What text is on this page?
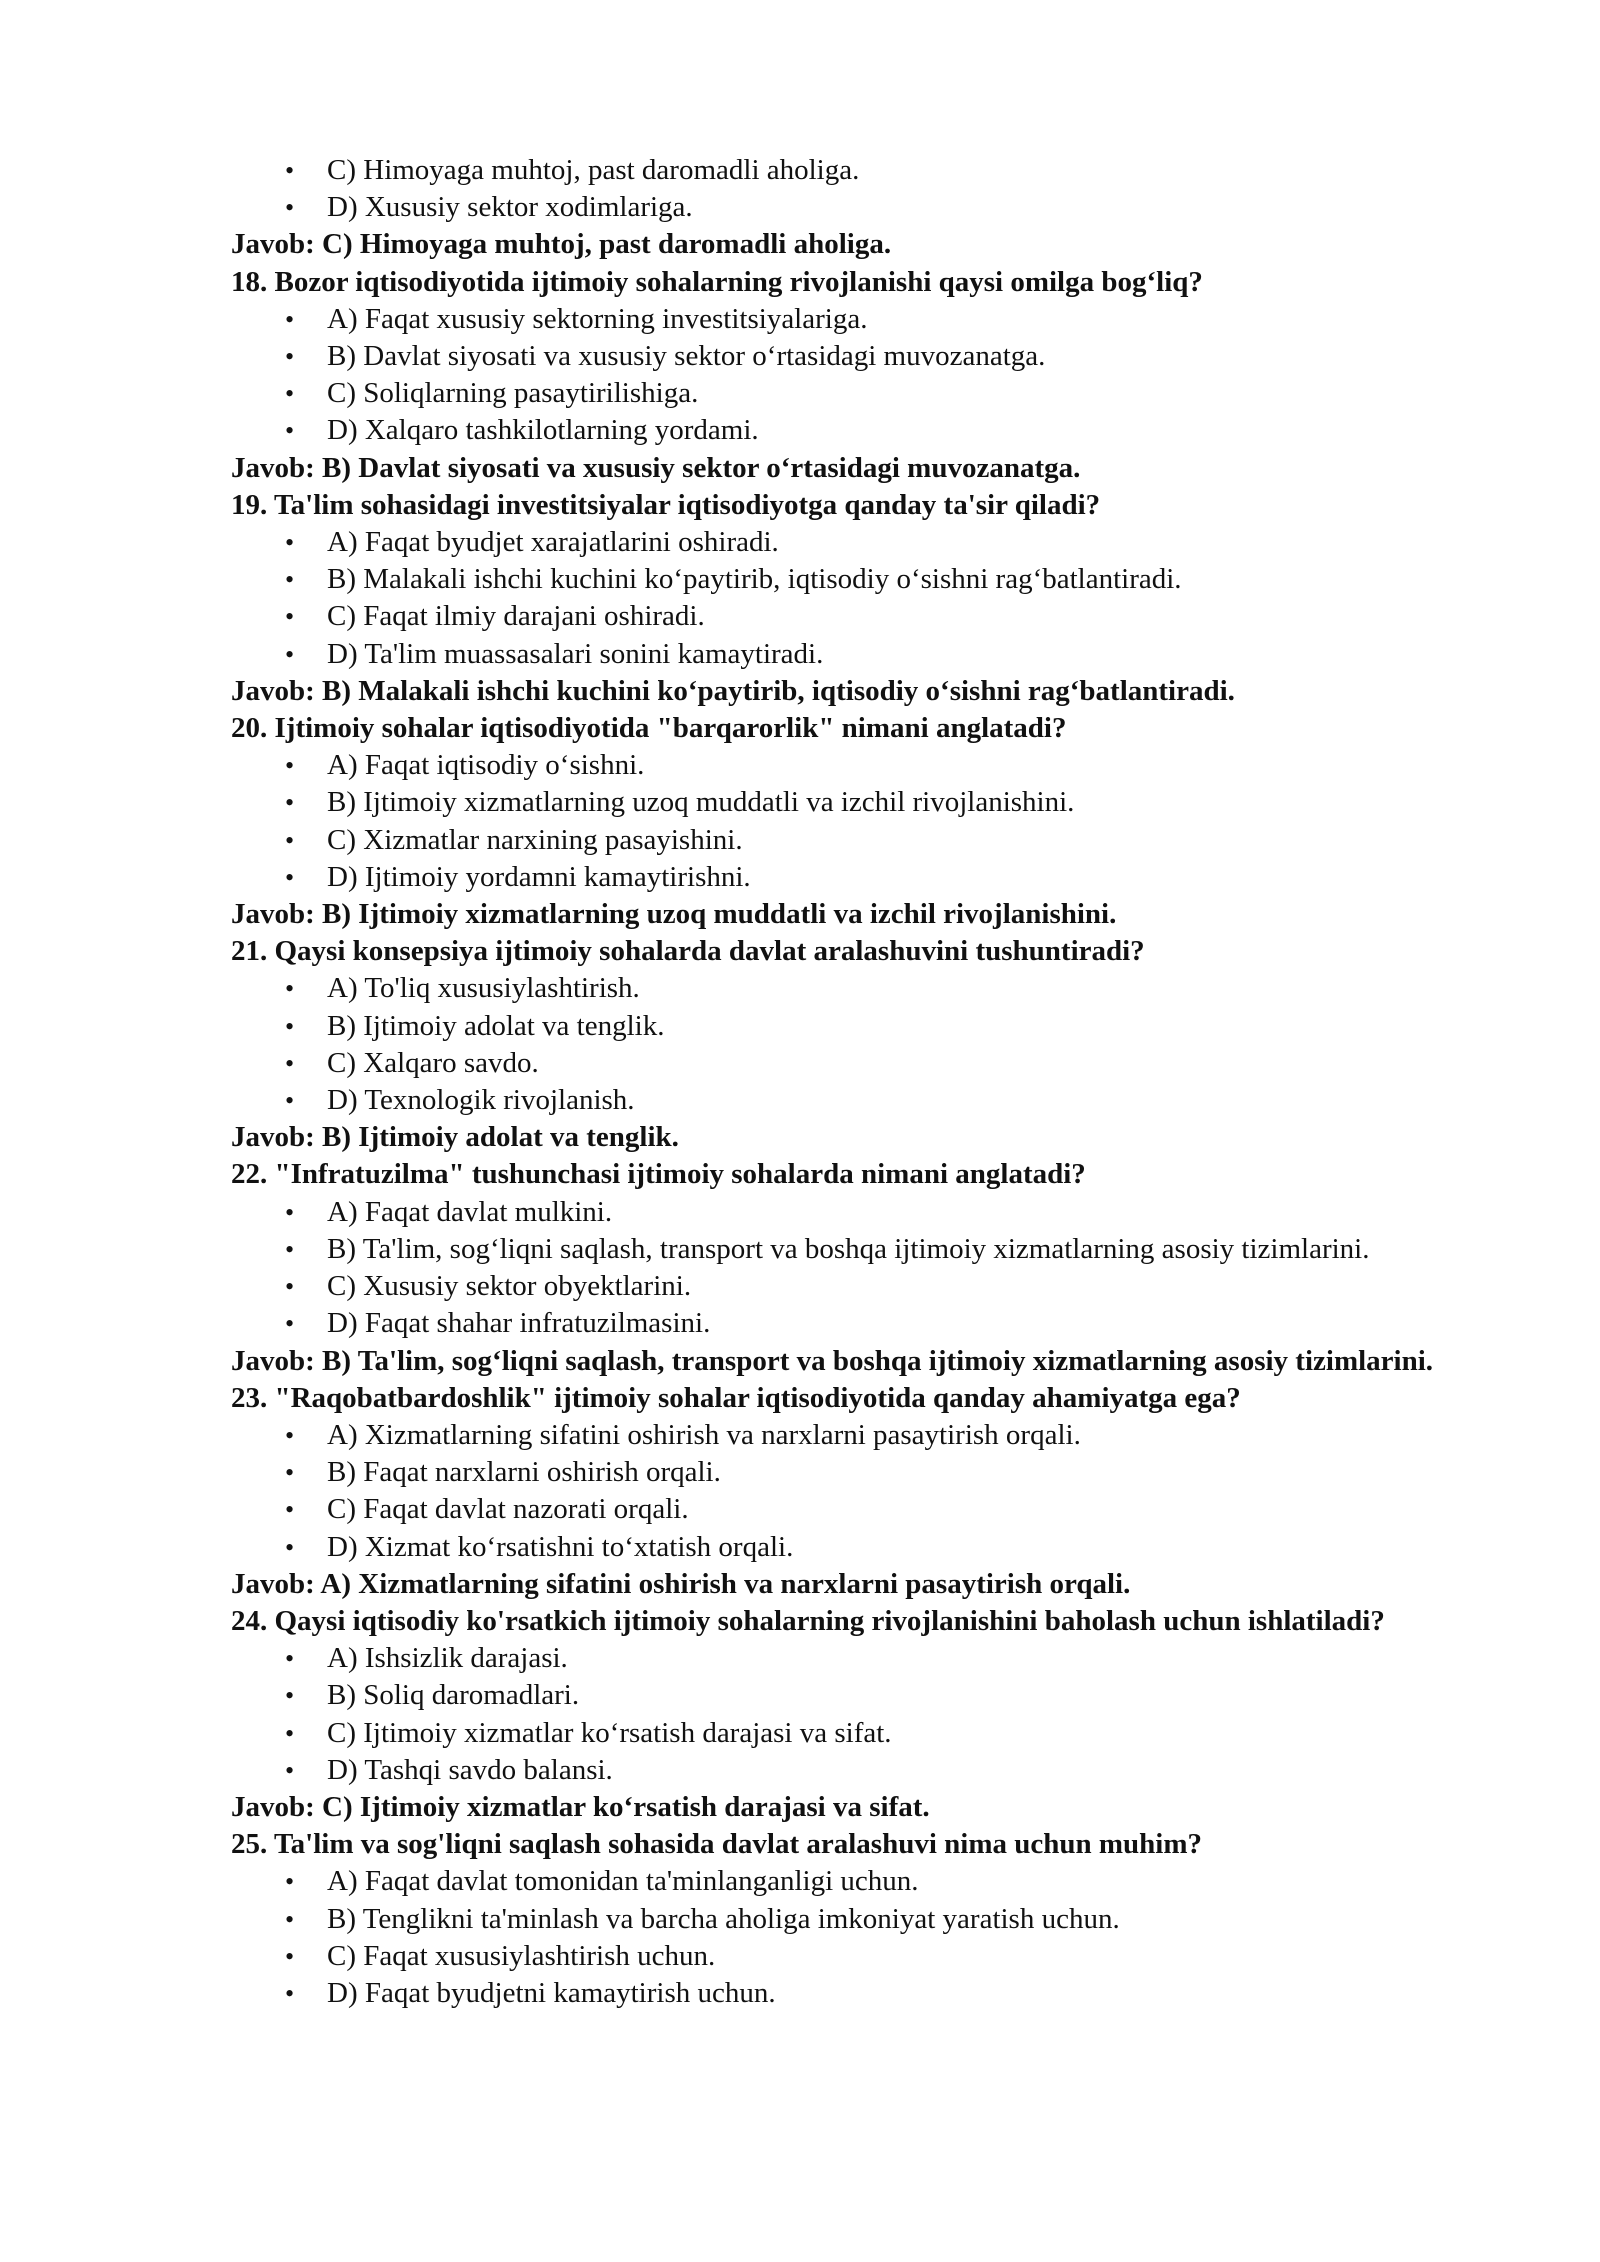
• C) Himoyaga muhtoj, past daromadli aholiga.

• D) Xususiy sektor xodimlariga.

Javob: C) Himoyaga muhtoj, past daromadli aholiga.

18. Bozor iqtisodiyotida ijtimoiy sohalarning rivojlanishi qaysi omilga bog‘liq?

• A) Faqat xususiy sektorning investitsiyalariga.

• B) Davlat siyosati va xususiy sektor o‘rtasidagi muvozanatga.

• C) Soliqlarning pasaytirilishiga.

• D) Xalqaro tashkilotlarning yordami.

Javob: B) Davlat siyosati va xususiy sektor o‘rtasidagi muvozanatga.

19. Ta'lim sohasidagi investitsiyalar iqtisodiyotga qanday ta'sir qiladi?

• A) Faqat byudjet xarajatlarini oshiradi.

• B) Malakali ishchi kuchini ko‘paytirib, iqtisodiy o‘sishni rag‘batlantiradi.

• C) Faqat ilmiy darajani oshiradi.

• D) Ta'lim muassasalari sonini kamaytiradi.

Javob: B) Malakali ishchi kuchini ko‘paytirib, iqtisodiy o‘sishni rag‘batlantiradi.

20. Ijtimoiy sohalar iqtisodiyotida "barqarorlik" nimani anglatadi?

• A) Faqat iqtisodiy o‘sishni.

• B) Ijtimoiy xizmatlarning uzoq muddatli va izchil rivojlanishini.

• C) Xizmatlar narxining pasayishini.

• D) Ijtimoiy yordamni kamaytirishni.

Javob: B) Ijtimoiy xizmatlarning uzoq muddatli va izchil rivojlanishini.

21. Qaysi konsepsiya ijtimoiy sohalarda davlat aralashuvini tushuntiradi?

• A) To'liq xususiylashtirish.

• B) Ijtimoiy adolat va tenglik.

• C) Xalqaro savdo.

• D) Texnologik rivojlanish.

Javob: B) Ijtimoiy adolat va tenglik.

22. "Infratuzilma" tushunchasi ijtimoiy sohalarda nimani anglatadi?

• A) Faqat davlat mulkini.

• B) Ta'lim, sog‘liqni saqlash, transport va boshqa ijtimoiy xizmatlarning asosiy tizimlarini.

• C) Xususiy sektor obyektlarini.

• D) Faqat shahar infratuzilmasini.

Javob: B) Ta'lim, sog‘liqni saqlash, transport va boshqa ijtimoiy xizmatlarning asosiy tizimlarini.

23. "Raqobatbardoshlik" ijtimoiy sohalar iqtisodiyotida qanday ahamiyatga ega?

• A) Xizmatlarning sifatini oshirish va narxlarni pasaytirish orqali.

• B) Faqat narxlarni oshirish orqali.

• C) Faqat davlat nazorati orqali.

• D) Xizmat ko‘rsatishni to‘xtatish orqali.

Javob: A) Xizmatlarning sifatini oshirish va narxlarni pasaytirish orqali.

24. Qaysi iqtisodiy ko'rsatkich ijtimoiy sohalarning rivojlanishini baholash uchun ishlatiladi?

• A) Ishsizlik darajasi.

• B) Soliq daromadlari.

• C) Ijtimoiy xizmatlar ko‘rsatish darajasi va sifat.

• D) Tashqi savdo balansi.

Javob: C) Ijtimoiy xizmatlar ko‘rsatish darajasi va sifat.

25. Ta'lim va sog'liqni saqlash sohasida davlat aralashuvi nima uchun muhim?

• A) Faqat davlat tomonidan ta'minlanganligi uchun.

• B) Tenglikni ta'minlash va barcha aholiga imkoniyat yaratish uchun.

• C) Faqat xususiylashtirish uchun.

• D) Faqat byudjetni kamaytirish uchun.
